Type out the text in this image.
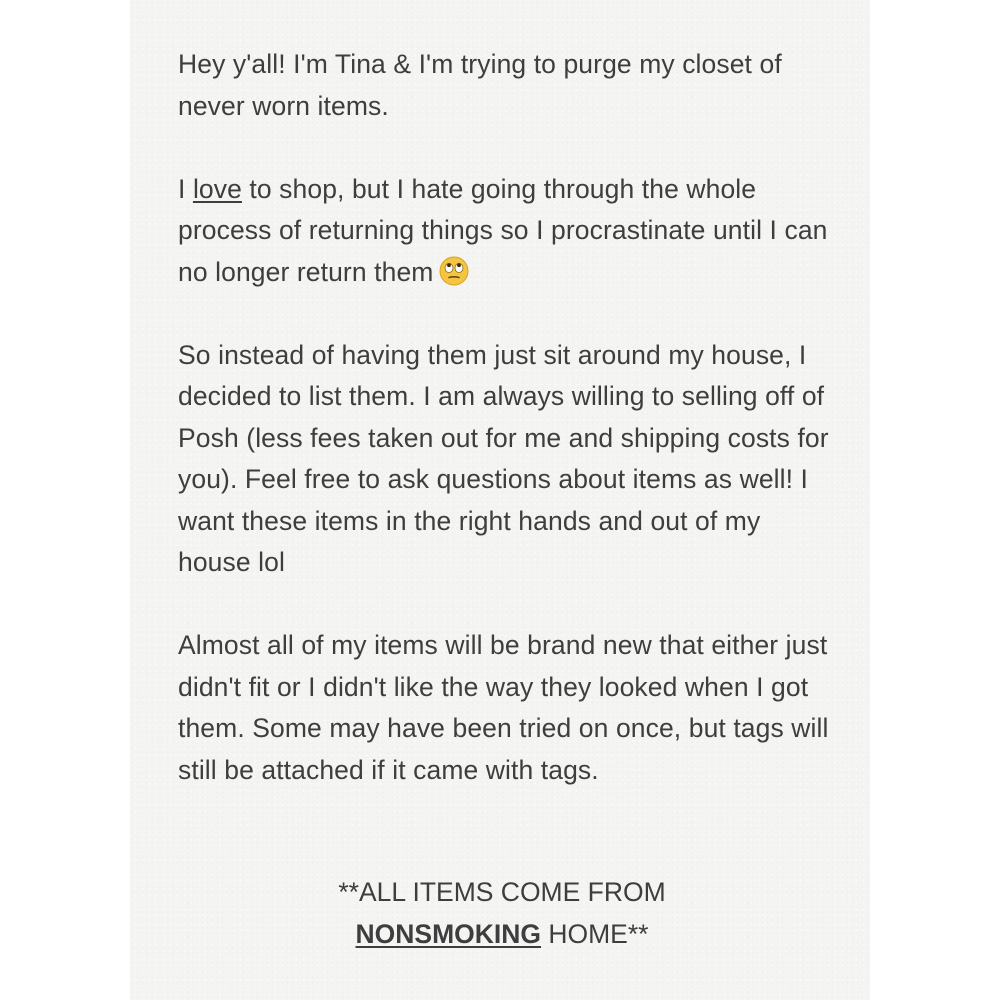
Hey y'all! I'm Tina & I'm trying to purge my closet of never worn items.

I love to shop, but I hate going through the whole process of returning things so I procrastinate until I can no longer return them

So instead of having them just sit around my house, I decided to list them. I am always willing to selling off of Posh (less fees taken out for me and shipping costs for you). Feel free to ask questions about items as well! I want these items in the right hands and out of my house lol

Almost all of my items will be brand new that either just didn't fit or I didn't like the way they looked when I got them. Some may have been tried on once, but tags will still be attached if it came with tags.

**ALL ITEMS COME FROM
NONSMOKING HOME**
